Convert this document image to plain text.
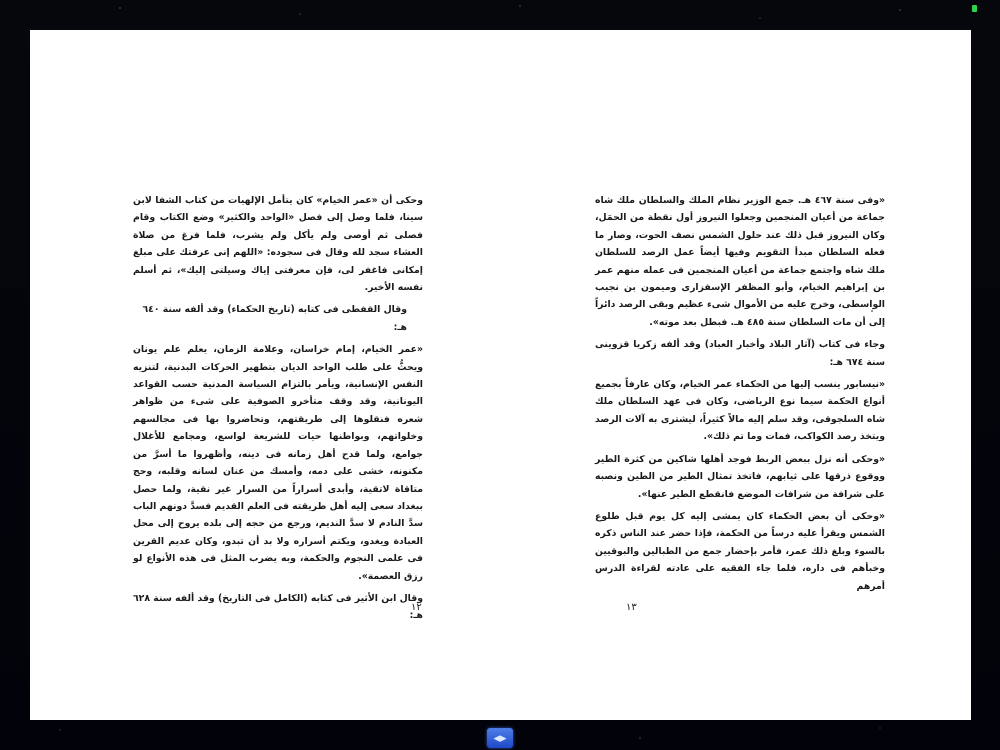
وحكى أن «عمر الخيام» كان يتأمل الإلهيات من كتاب الشفا لابن سينا، فلما وصل إلى فصل «الواحد والكثير» وضع الكتاب وقام فصلى ثم أوصى ولم يأكل ولم يشرب، فلما فرغ من صلاة العشاء سجد لله وقال فى سجوده: «اللهم إنى عرفتك على مبلغ إمكانى فاغفر لى، فإن معرفتى إياك وسيلتى إليك»، ثم أسلم نفسه الأخير.

وقال القفطى فى كتابه (تاريخ الحكماء) وقد ألفه سنة ٦٤٠ هـ:

«عمر الخيام، إمام خراسان، وعلامة الزمان، يعلم علم يونان ويحثُّ على طلب الواحد الديان بتطهير الحركات البدنية، لتنزيه النفس الإنسانية، ويأمر بالتزام السياسة المدنية حسب القواعد اليونانية، وقد وقف متأخرو الصوفية على شىء من ظواهر شعره فنقلوها إلى طريقتهم، وتحاضروا بها فى مجالسهم وخلواتهم، وبواطنها حيات للشريعة لواسع، ومجامع للأغلال جوامع، ولما قدح أهل زمانه فى دينه، وأظهروا ما أسرَّ من مكنونه، خشى على دمه، وأمسك من عنان لسانه وقلبه، وحج متاقاة لاتقية، وأبدى أسراراً من السرار غير نقية، ولما حصل ببغداد سعى إليه أهل طريقته فى العلم القديم فسدَّ دونهم الباب سدَّ النادم لا سدَّ النديم، ورجع من حجه إلى بلده يروح إلى محل العبادة ويغدو، ويكتم أسراره ولا بد أن تبدو، وكان عديم القرين فى علمى النجوم والحكمة، وبه يضرب المثل فى هذه الأنواع لو رزق العصمة».

وقال ابن الأثير فى كتابه (الكامل فى التاريخ) وقد ألفه سنة ٦٢٨ هـ:

١٢

«وفى سنة ٤٦٧ هـ. جمع الوزير نظام الملك والسلطان ملك شاه جماعة من أعيان المنجمين وجعلوا النيروز أول نقطة من الحمَل، وكان النيروز قبل ذلك عند حلول الشمس نصف الحوت، وصار ما فعله السلطان مبدأ التقويم وفيها أيضاً عمل الرصد للسلطان ملك شاه واجتمع جماعة من أعيان المنجمين فى عمله منهم عمر بن إبراهيم الخيام، وأبو المظفر الإسفزارى وميمون بن نجيب الواسطى، وخرج عليه من الأموال شىء عظيم وبقى الرصد دائراً إلى أن مات السلطان سنة ٤٨٥ هـ. فبطل بعد موته».

وجاء فى كتاب (آثار البلاد وأخبار العباد) وقد ألفه زكريا قزوينى سنة ٦٧٤ هـ:

«نيسابور ينسب إليها من الحكماء عمر الخيام، وكان عارفاً بجميع أنواع الحكمة سيما نوع الرياضى، وكان فى عهد السلطان ملك شاه السلجوقى، وقد سلم إليه مالاً كثيراً، ليشترى به آلات الرصد ويتخذ رصد الكواكب، فمات وما تم ذلك».

«وحكى أنه نزل ببعض الربط فوجد أهلها شاكين من كثرة الطير ووقوع ذرقها على ثيابهم، فاتخذ تمثال الطير من الطين ونصبه على شرافة من شرافات الموضع فانقطع الطير عنها».

«وحكى أن بعض الحكماء كان يمشى إليه كل يوم قبل طلوع الشمس ويقرأ عليه درساً من الحكمة، فإذا حضر عند الناس ذكره بالسوء وبلغ ذلك عمر، فأمر بإحضار جمع من الطبالين والبوقيين وخبأهم فى داره، فلما جاء الفقيه على عادته لقراءة الدرس أمرهم

١٣
◂▸
